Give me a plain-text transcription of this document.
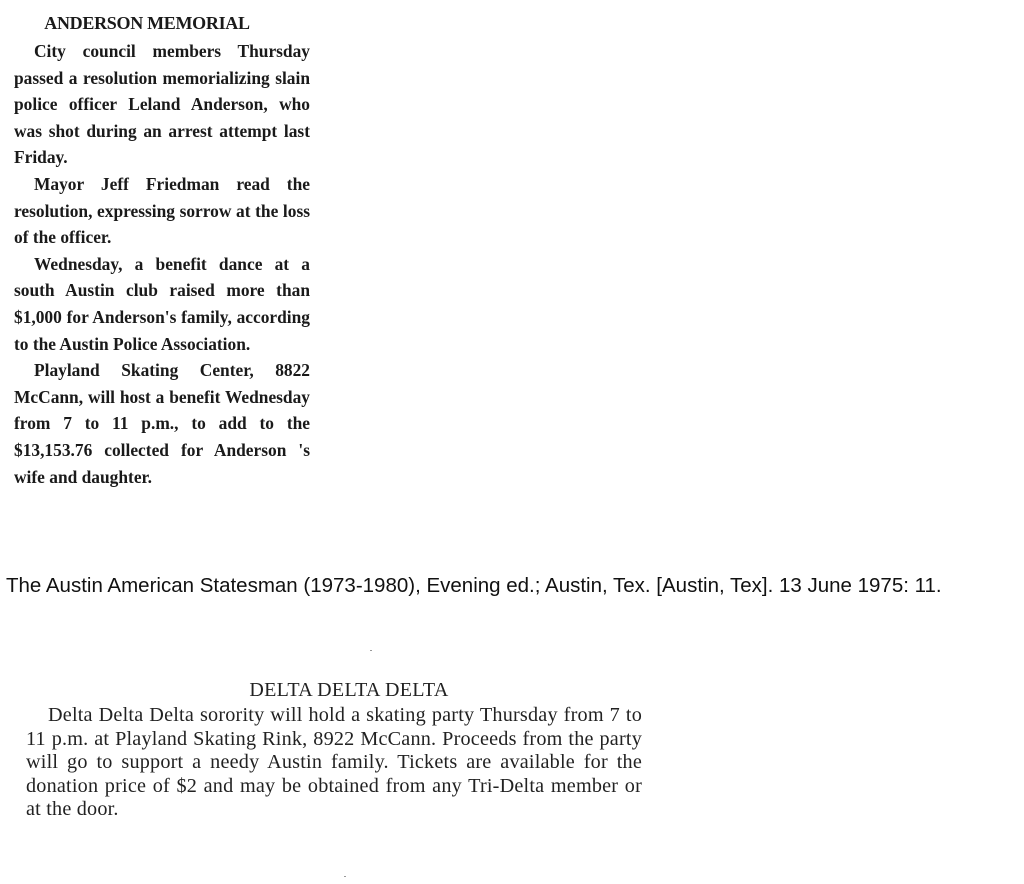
ANDERSON MEMORIAL

City council members Thursday passed a resolution memorializing slain police officer Leland Anderson, who was shot during an arrest attempt last Friday.

Mayor Jeff Friedman read the resolution, expressing sorrow at the loss of the officer.

Wednesday, a benefit dance at a south Austin club raised more than $1,000 for Anderson's family, according to the Austin Police Association.

Playland Skating Center, 8822 McCann, will host a benefit Wednesday from 7 to 11 p.m., to add to the $13,153.76 collected for Anderson 's wife and daughter.

The Austin American Statesman (1973-1980), Evening ed.; Austin, Tex. [Austin, Tex]. 13 June 1975: 11.
DELTA DELTA DELTA

Delta Delta Delta sorority will hold a skating party Thursday from 7 to 11 p.m. at Playland Skating Rink, 8922 McCann. Proceeds from the party will go to support a needy Austin family. Tickets are available for the donation price of $2 and may be obtained from any Tri-Delta member or at the door.
